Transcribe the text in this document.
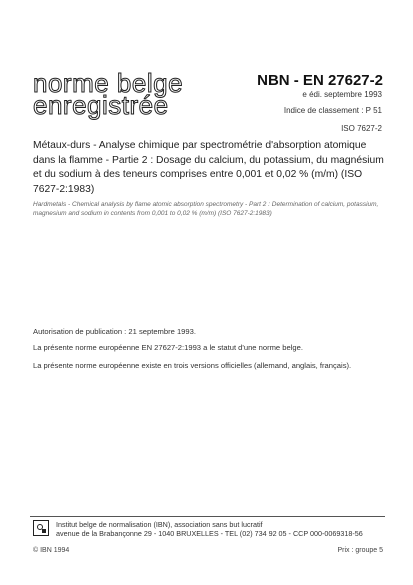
norme belge
enregistrée
NBN - EN 27627-2
e édi. septembre 1993
Indice de classement : P 51
ISO 7627-2
Métaux-durs - Analyse chimique par spectrométrie d'absorption atomique dans la flamme - Partie 2 : Dosage du calcium, du potassium, du magnésium et du sodium à des teneurs comprises entre 0,001 et 0,02 % (m/m) (ISO 7627-2:1983)
Hardmetals - Chemical analysis by flame atomic absorption spectrometry - Part 2 : Determination of calcium, potassium, magnesium and sodium in contents from 0,001 to 0,02 % (m/m) (ISO 7627-2:1983)
Autorisation de publication : 21 septembre 1993.
La présente norme européenne EN 27627-2:1993 a le statut d'une norme belge.
La présente norme européenne existe en trois versions officielles (allemand, anglais, français).
Institut belge de normalisation (IBN), association sans but lucratif
avenue de la Brabançonne 29 - 1040 BRUXELLES - TEL (02) 734 92 05 - CCP 000-0069318-56
© IBN 1994	Prix : groupe 5
